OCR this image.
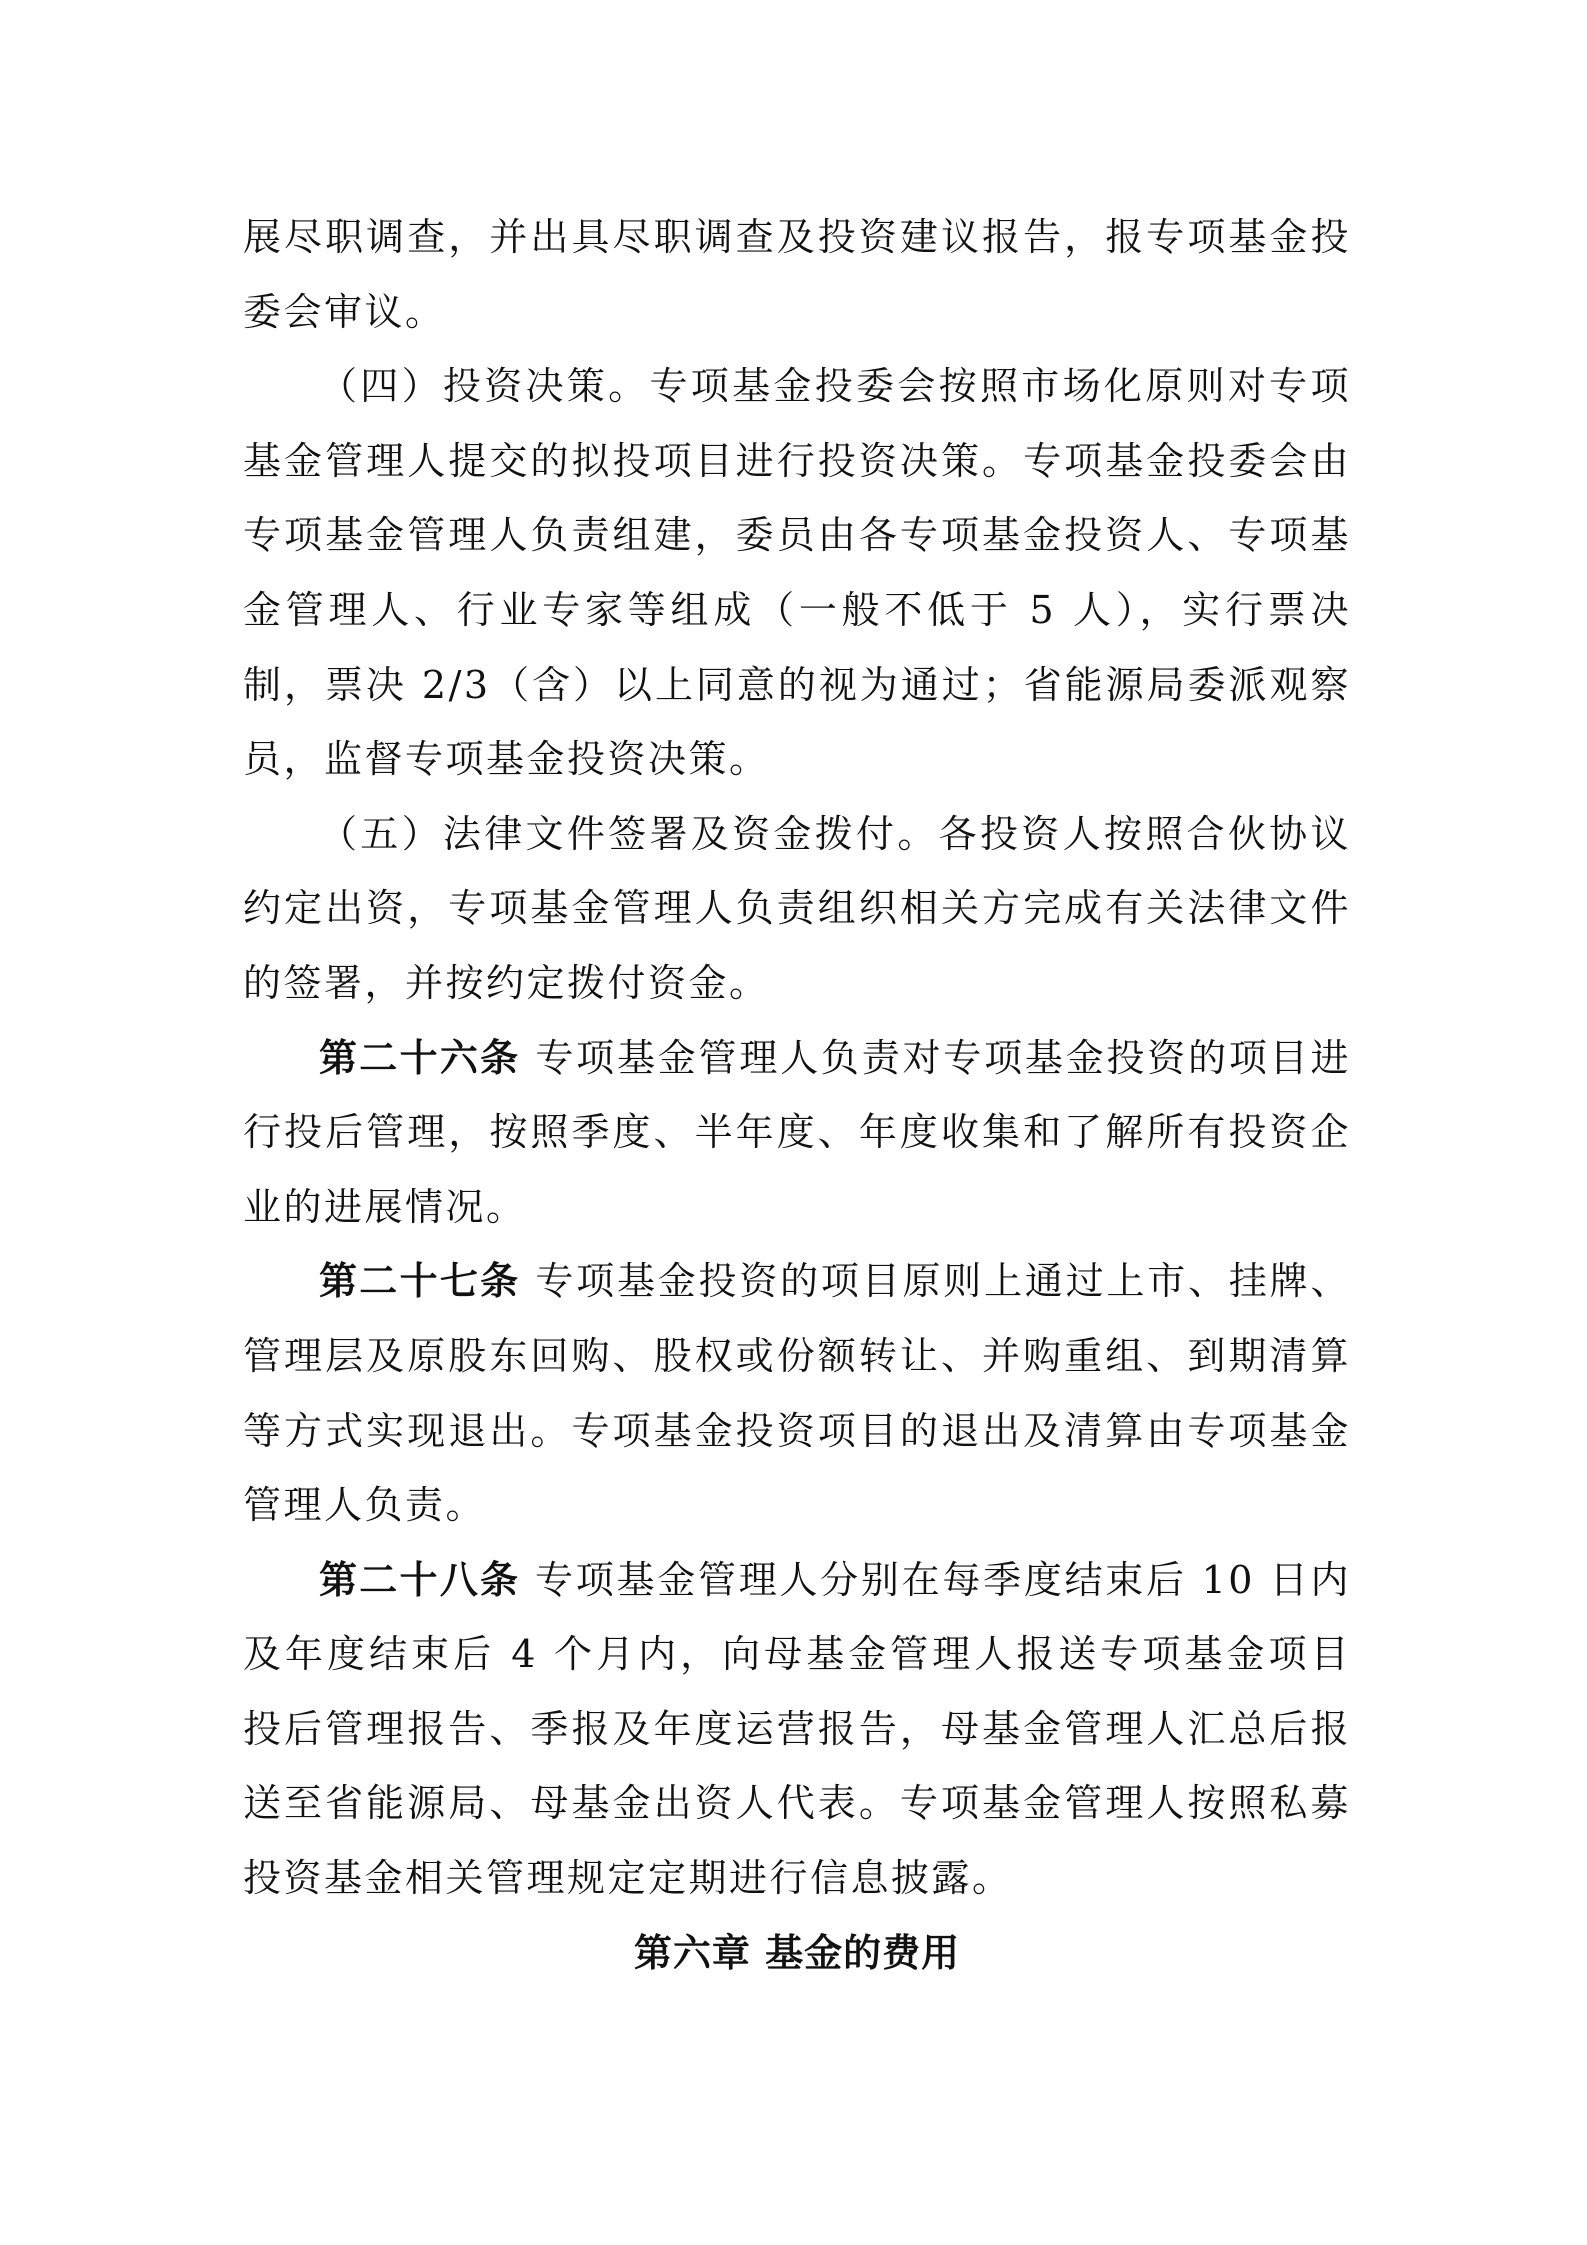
展尽职调查，并出具尽职调查及投资建议报告，报专项基金投委会审议。

（四）投资决策。专项基金投委会按照市场化原则对专项基金管理人提交的拟投项目进行投资决策。专项基金投委会由专项基金管理人负责组建，委员由各专项基金投资人、专项基金管理人、行业专家等组成（一般不低于 5 人），实行票决制，票决 2/3（含）以上同意的视为通过；省能源局委派观察员，监督专项基金投资决策。

（五）法律文件签署及资金拨付。各投资人按照合伙协议约定出资，专项基金管理人负责组织相关方完成有关法律文件的签署，并按约定拨付资金。

第二十六条 专项基金管理人负责对专项基金投资的项目进行投后管理，按照季度、半年度、年度收集和了解所有投资企业的进展情况。

第二十七条 专项基金投资的项目原则上通过上市、挂牌、管理层及原股东回购、股权或份额转让、并购重组、到期清算等方式实现退出。专项基金投资项目的退出及清算由专项基金管理人负责。

第二十八条 专项基金管理人分别在每季度结束后 10 日内及年度结束后 4 个月内，向母基金管理人报送专项基金项目投后管理报告、季报及年度运营报告，母基金管理人汇总后报送至省能源局、母基金出资人代表。专项基金管理人按照私募投资基金相关管理规定定期进行信息披露。

第六章 基金的费用
